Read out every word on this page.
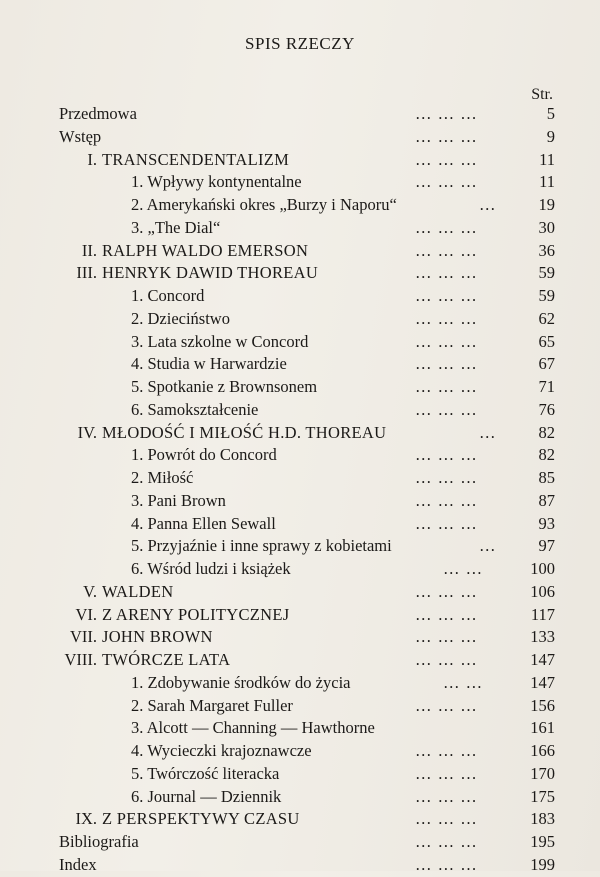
SPIS RZECZY
Str.
Przedmowa	… … …	5
Wstęp	… … …	9
I. TRANSCENDENTALIZM	… … …	11
1. Wpływy kontynentalne	… … …	11
2. Amerykański okres „Burzy i Naporu“	…	19
3. „The Dial“	… … …	30
II. RALPH WALDO EMERSON	… … …	36
III. HENRYK DAWID THOREAU	… … …	59
1. Concord	… … …	59
2. Dzieciństwo	… … …	62
3. Lata szkolne w Concord	… … …	65
4. Studia w Harwardzie	… … …	67
5. Spotkanie z Brownsonem	… … …	71
6. Samokształcenie	… … …	76
IV. MŁODOŚĆ I MIŁOŚĆ H.D. THOREAU	…	82
1. Powrót do Concord	… … …	82
2. Miłość	… … …	85
3. Pani Brown	… … …	87
4. Panna Ellen Sewall	… … …	93
5. Przyjaźnie i inne sprawy z kobietami	…	97
6. Wśród ludzi i książek	… …	100
V. WALDEN	… … …	106
VI. Z ARENY POLITYCZNEJ	… … …	117
VII. JOHN BROWN	… … …	133
VIII. TWÓRCZE LATA	… … …	147
1. Zdobywanie środków do życia	… …	147
2. Sarah Margaret Fuller	… … …	156
3. Alcott — Channing — Hawthorne	161
4. Wycieczki krajoznawcze	… … …	166
5. Twórczość literacka	… … …	170
6. Journal — Dziennik	… … …	175
IX. Z PERSPEKTYWY CZASU	… … …	183
Bibliografia	… … …	195
Index	… … …	199
